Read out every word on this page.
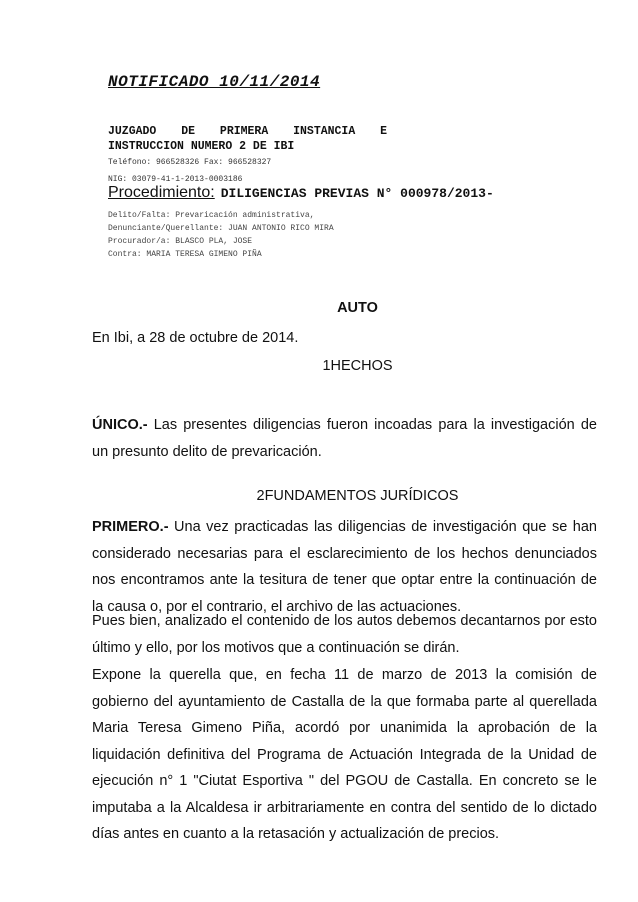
NOTIFICADO 10/11/2014
JUZGADO DE PRIMERA INSTANCIA E
INSTRUCCION NUMERO 2 DE IBI
Teléfono: 966528326 Fax: 966528327
NIG: 03079-41-1-2013-0003186
Procedimiento: DILIGENCIAS PREVIAS N° 000978/2013-
Delito/Falta: Prevaricación administrativa,
Denunciante/Querellante: JUAN ANTONIO RICO MIRA
Procurador/a: BLASCO PLA, JOSE
Contra: MARIA TERESA GIMENO PIÑA
AUTO
En Ibi, a 28 de octubre de 2014.
1HECHOS
ÚNICO.- Las presentes diligencias fueron incoadas para la investigación de un presunto delito de prevaricación.
2FUNDAMENTOS JURÍDICOS
PRIMERO.- Una vez practicadas las diligencias de investigación que se han considerado necesarias para el esclarecimiento de los hechos denunciados nos encontramos ante la tesitura de tener que optar entre la continuación de la causa o, por el contrario, el archivo de las actuaciones.
Pues bien, analizado el contenido de los autos debemos decantarnos por esto último y ello, por los motivos que a continuación se dirán.
Expone la querella que, en fecha 11 de marzo de 2013 la comisión de gobierno del ayuntamiento de Castalla de la que formaba parte al querellada Maria Teresa Gimeno Piña, acordó por unanimida la aprobación de la liquidación definitiva del Programa de Actuación Integrada de la Unidad de ejecución n° 1 "Ciutat Esportiva " del PGOU de Castalla. En concreto se le imputaba a la Alcaldesa ir arbitrariamente en contra del sentido de lo dictado días antes en cuanto a la retasación y actualización de precios.
